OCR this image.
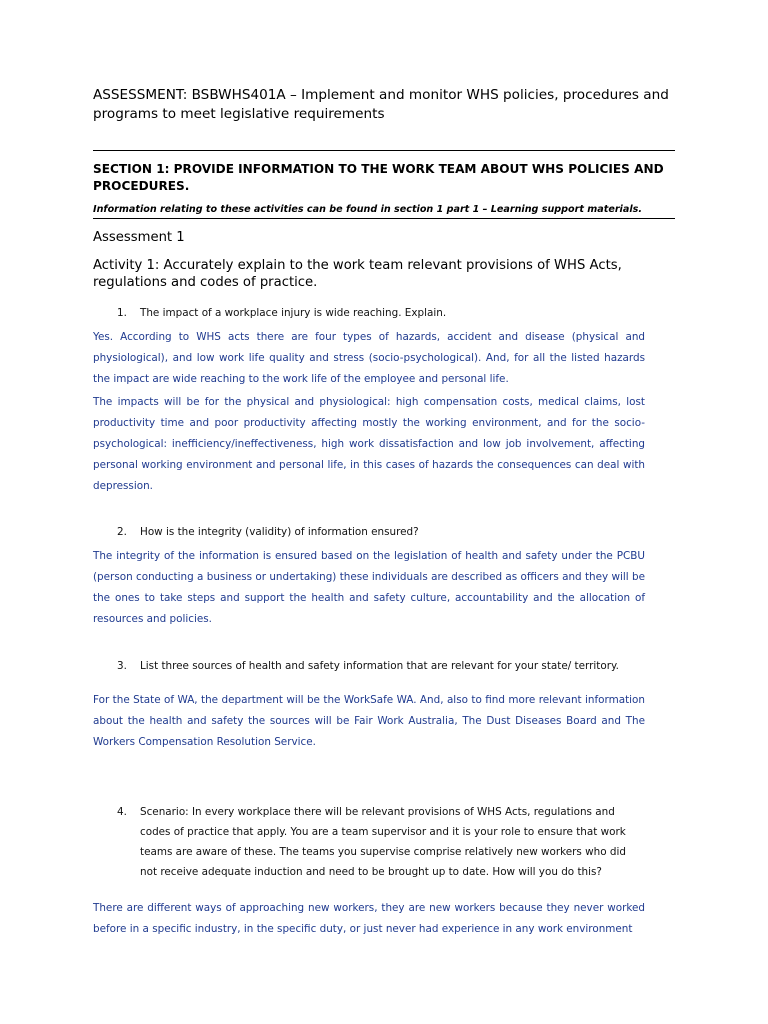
ASSESSMENT: BSBWHS401A – Implement and monitor WHS policies, procedures and programs to meet legislative requirements
SECTION 1: PROVIDE INFORMATION TO THE WORK TEAM ABOUT WHS POLICIES AND PROCEDURES.

Information relating to these activities can be found in section 1 part 1 – Learning support materials.

Assessment 1

Activity 1: Accurately explain to the work team relevant provisions of WHS Acts, regulations and codes of practice.

1.	The impact of a workplace injury is wide reaching. Explain.

Yes. According to WHS acts there are four types of hazards, accident and disease (physical and physiological), and low work life quality and stress (socio-psychological). And, for all the listed hazards the impact are wide reaching to the work life of the employee and personal life.

The impacts will be for the physical and physiological: high compensation costs, medical claims, lost productivity time and poor productivity affecting mostly the working environment, and for the socio-psychological: inefficiency/ineffectiveness, high work dissatisfaction and low job involvement, affecting personal working environment and personal life, in this cases of hazards the consequences can deal with depression.

2.	How is the integrity (validity) of information ensured?

The integrity of the information is ensured based on the legislation of health and safety under the PCBU (person conducting a business or undertaking) these individuals are described as officers and they will be the ones to take steps and support the health and safety culture, accountability and the allocation of resources and policies.

3.	List three sources of health and safety information that are relevant for your state/ territory.

For the State of WA, the department will be the WorkSafe WA. And, also to find more relevant information about the health and safety the sources will be Fair Work Australia, The Dust Diseases Board and The Workers Compensation Resolution Service.

4.	Scenario: In every workplace there will be relevant provisions of WHS Acts, regulations and codes of practice that apply. You are a team supervisor and it is your role to ensure that work teams are aware of these. The teams you supervise comprise relatively new workers who did not receive adequate induction and need to be brought up to date. How will you do this?

There are different ways of approaching new workers, they are new workers because they never worked before in a specific industry, in the specific duty, or just never had experience in any work environment
